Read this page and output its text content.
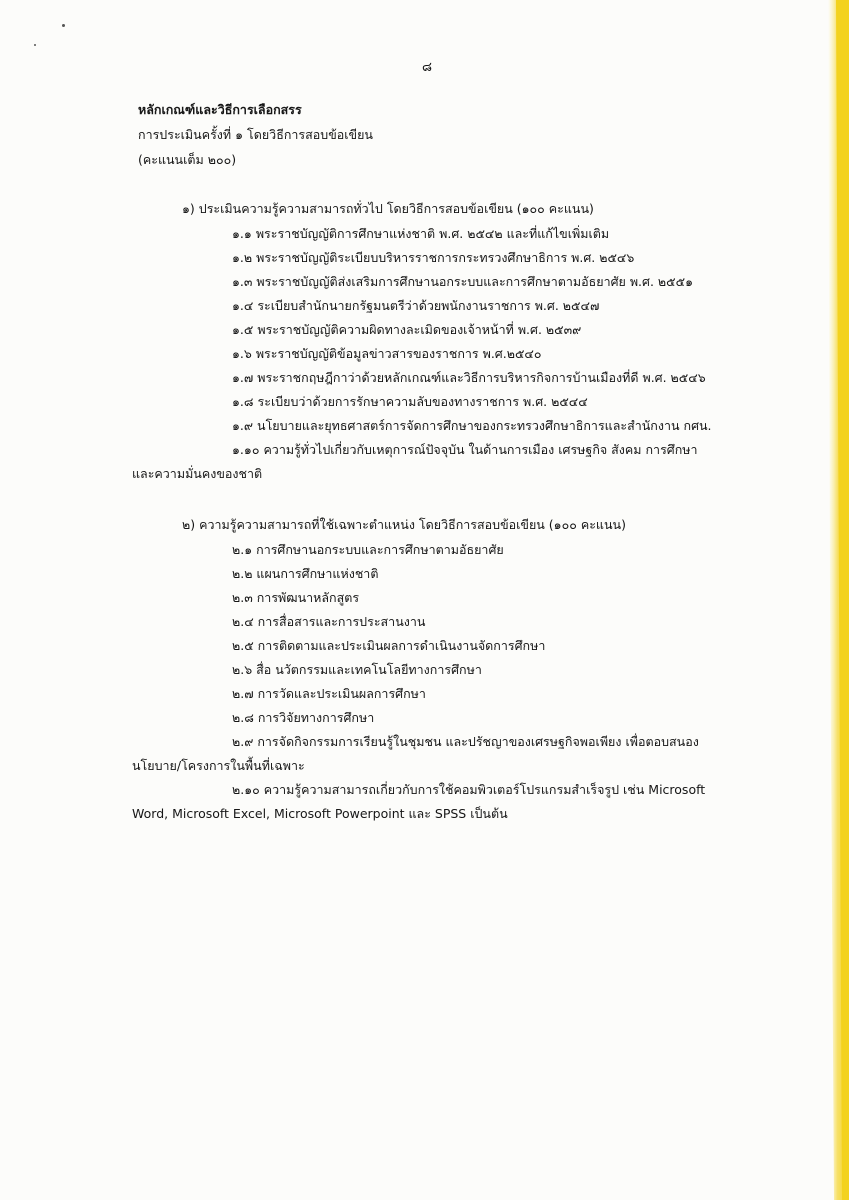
๘
หลักเกณฑ์และวิธีการเลือกสรร
การประเมินครั้งที่ ๑ โดยวิธีการสอบข้อเขียน
(คะแนนเต็ม ๒๐๐)
๑) ประเมินความรู้ความสามารถทั่วไป โดยวิธีการสอบข้อเขียน (๑๐๐ คะแนน)
๑.๑ พระราชบัญญัติการศึกษาแห่งชาติ พ.ศ. ๒๕๔๒ และที่แก้ไขเพิ่มเติม
๑.๒ พระราชบัญญัติระเบียบบริหารราชการกระทรวงศึกษาธิการ พ.ศ. ๒๕๔๖
๑.๓ พระราชบัญญัติส่งเสริมการศึกษานอกระบบและการศึกษาตามอัธยาศัย พ.ศ. ๒๕๕๑
๑.๔ ระเบียบสำนักนายกรัฐมนตรีว่าด้วยพนักงานราชการ พ.ศ. ๒๕๔๗
๑.๕ พระราชบัญญัติความผิดทางละเมิดของเจ้าหน้าที่ พ.ศ. ๒๕๓๙
๑.๖ พระราชบัญญัติข้อมูลข่าวสารของราชการ พ.ศ.๒๕๔๐
๑.๗ พระราชกฤษฎีกาว่าด้วยหลักเกณฑ์และวิธีการบริหารกิจการบ้านเมืองที่ดี พ.ศ. ๒๕๔๖
๑.๘ ระเบียบว่าด้วยการรักษาความลับของทางราชการ พ.ศ. ๒๕๔๔
๑.๙ นโยบายและยุทธศาสตร์การจัดการศึกษาของกระทรวงศึกษาธิการและสำนักงาน กศน.
๑.๑๐ ความรู้ทั่วไปเกี่ยวกับเหตุการณ์ปัจจุบัน ในด้านการเมือง เศรษฐกิจ สังคม การศึกษา
และความมั่นคงของชาติ
๒) ความรู้ความสามารถที่ใช้เฉพาะตำแหน่ง โดยวิธีการสอบข้อเขียน (๑๐๐ คะแนน)
๒.๑ การศึกษานอกระบบและการศึกษาตามอัธยาศัย
๒.๒ แผนการศึกษาแห่งชาติ
๒.๓ การพัฒนาหลักสูตร
๒.๔ การสื่อสารและการประสานงาน
๒.๕ การติดตามและประเมินผลการดำเนินงานจัดการศึกษา
๒.๖ สื่อ นวัตกรรมและเทคโนโลยีทางการศึกษา
๒.๗ การวัดและประเมินผลการศึกษา
๒.๘ การวิจัยทางการศึกษา
๒.๙ การจัดกิจกรรมการเรียนรู้ในชุมชน และปรัชญาของเศรษฐกิจพอเพียง เพื่อตอบสนอง
นโยบาย/โครงการในพื้นที่เฉพาะ
๒.๑๐ ความรู้ความสามารถเกี่ยวกับการใช้คอมพิวเตอร์โปรแกรมสำเร็จรูป เช่น Microsoft
Word, Microsoft Excel, Microsoft Powerpoint และ SPSS เป็นต้น
